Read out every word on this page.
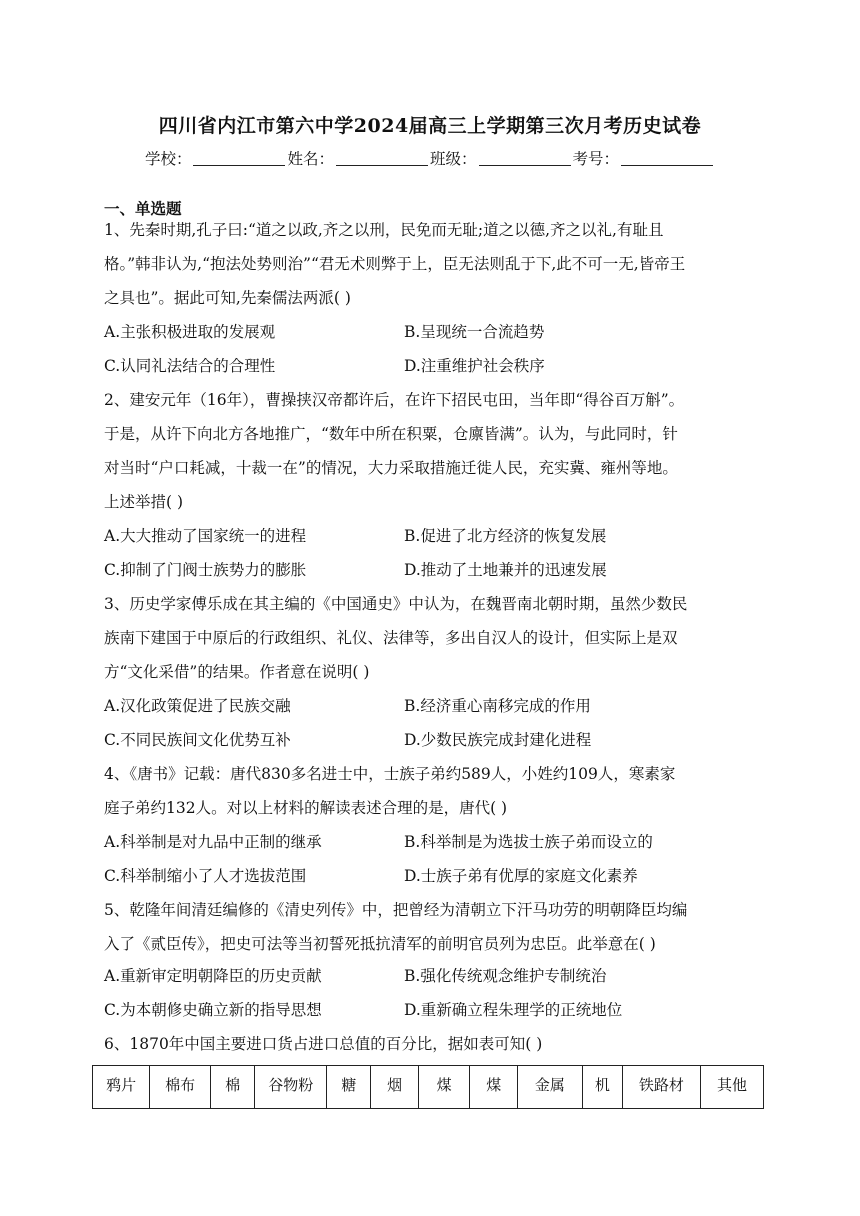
四川省内江市第六中学2024届高三上学期第三次月考历史试卷
学校：	姓名：	班级：	考号：
一、单选题
1、先秦时期,孔子曰:“道之以政,齐之以刑，民免而无耻;道之以德,齐之以礼,有耻且
格。”韩非认为,“抱法处势则治”“君无术则弊于上，臣无法则乱于下,此不可一无,皆帝王
之具也”。据此可知,先秦儒法两派( )
A.主张积极进取的发展观	B.呈现统一合流趋势
C.认同礼法结合的合理性	D.注重维护社会秩序
2、建安元年（16年），曹操挟汉帝都许后，在许下招民屯田，当年即“得谷百万斛”。
于是，从许下向北方各地推广，“数年中所在积粟，仓廪皆满”。认为，与此同时，针
对当时“户口耗减，十裁一在”的情况，大力采取措施迁徙人民，充实冀、雍州等地。
上述举措( )
A.大大推动了国家统一的进程	B.促进了北方经济的恢复发展
C.抑制了门阀士族势力的膨胀	D.推动了土地兼并的迅速发展
3、历史学家傅乐成在其主编的《中国通史》中认为，在魏晋南北朝时期，虽然少数民
族南下建国于中原后的行政组织、礼仪、法律等，多出自汉人的设计，但实际上是双
方“文化采借”的结果。作者意在说明( )
A.汉化政策促进了民族交融	B.经济重心南移完成的作用
C.不同民族间文化优势互补	D.少数民族完成封建化进程
4、《唐书》记载：唐代830多名进士中，士族子弟约589人，小姓约109人，寒素家
庭子弟约132人。对以上材料的解读表述合理的是，唐代( )
A.科举制是对九品中正制的继承	B.科举制是为选拔士族子弟而设立的
C.科举制缩小了人才选拔范围	D.士族子弟有优厚的家庭文化素养
5、乾隆年间清廷编修的《清史列传》中，把曾经为清朝立下汗马功劳的明朝降臣均编
入了《贰臣传》，把史可法等当初誓死抵抗清军的前明官员列为忠臣。此举意在( )
A.重新审定明朝降臣的历史贡献	B.强化传统观念维护专制统治
C.为本朝修史确立新的指导思想	D.重新确立程朱理学的正统地位
6、1870年中国主要进口货占进口总值的百分比，据如表可知( )
鸦片	棉布	棉	谷物粉	糖	烟	煤	煤	金属	机	铁路材	其他
